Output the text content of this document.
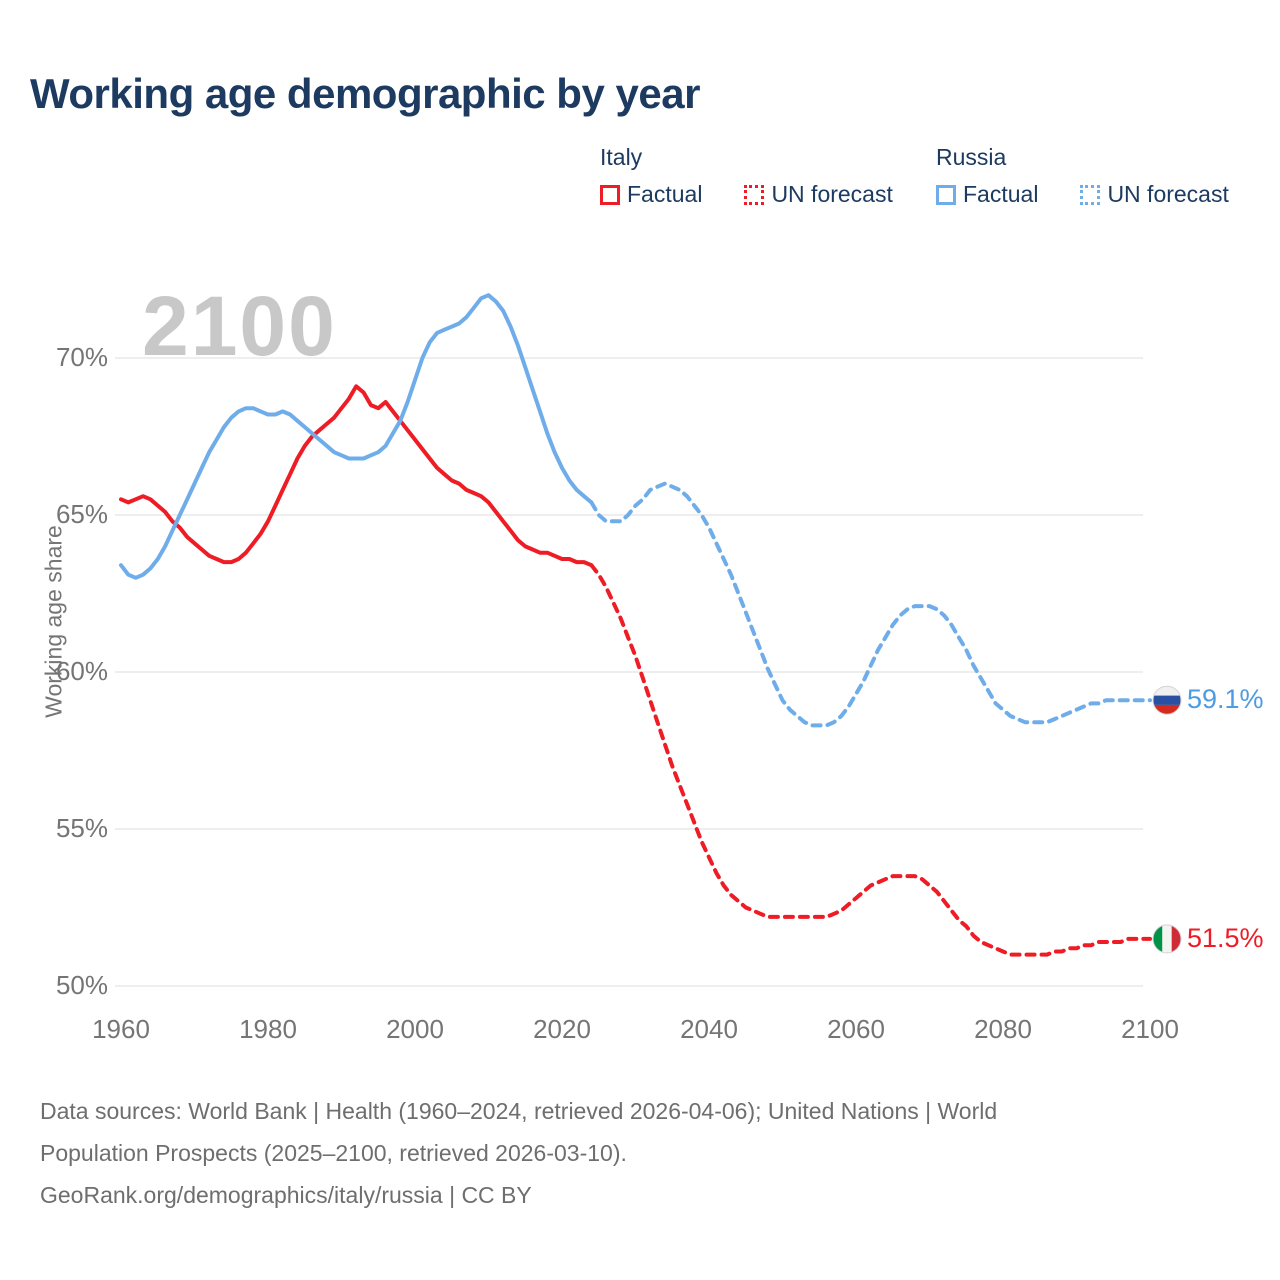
Working age demographic by year
Italy
Factual	UN forecast
Russia
Factual	UN forecast
2100
Working age share
70%
65%
60%
55%
50%
1960	1980	2000	2020	2040	2060	2080	2100
59.1%
51.5%
Data sources: World Bank | Health (1960–2024, retrieved 2026-04-06); United Nations | World
Population Prospects (2025–2100, retrieved 2026-03-10).
GeoRank.org/demographics/italy/russia | CC BY
